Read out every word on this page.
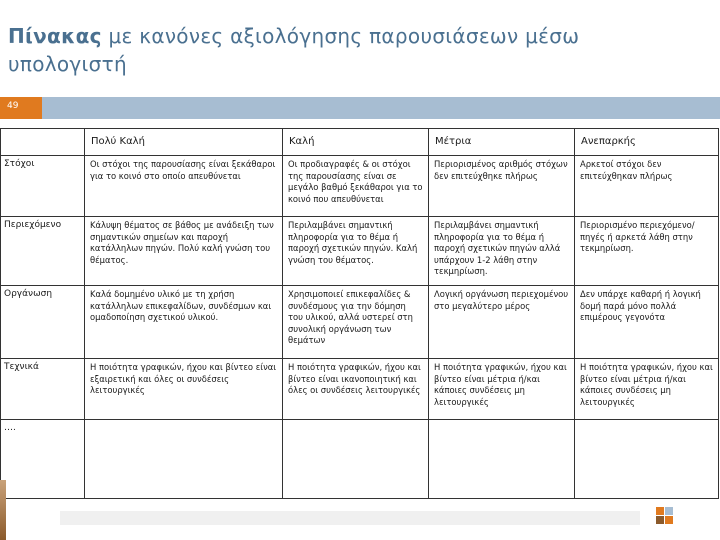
Πίνακας με κανόνες αξιολόγησης παρουσιάσεων μέσω υπολογιστή
49
	Πολύ Καλή	Καλή	Μέτρια	Ανεπαρκής
Στόχοι	Οι στόχοι της παρουσίασης είναι ξεκάθαροι για το κοινό στο οποίο απευθύνεται	Οι προδιαγραφές & οι στόχοι της παρουσίασης είναι σε μεγάλο βαθμό ξεκάθαροι για το κοινό που απευθύνεται	Περιορισμένος αριθμός στόχων δεν επιτεύχθηκε πλήρως	Αρκετοί στόχοι δεν επιτεύχθηκαν πλήρως
Περιεχόμενο	Κάλυψη θέματος σε βάθος με ανάδειξη των σημαντικών σημείων και παροχή κατάλληλων πηγών. Πολύ καλή γνώση του θέματος.	Περιλαμβάνει σημαντική πληροφορία για το θέμα ή παροχή σχετικών πηγών. Καλή γνώση του θέματος.	Περιλαμβάνει σημαντική πληροφορία για το θέμα ή παροχή σχετικών πηγών αλλά υπάρχουν 1-2 λάθη στην τεκμηρίωση.	Περιορισμένο περιεχόμενο/πηγές ή αρκετά λάθη στην τεκμηρίωση.
Οργάνωση	Καλά δομημένο υλικό με τη χρήση κατάλληλων επικεφαλίδων, συνδέσμων και ομαδοποίηση σχετικού υλικού.	Χρησιμοποιεί επικεφαλίδες & συνδέσμους για την δόμηση του υλικού, αλλά υστερεί στη συνολική οργάνωση των θεμάτων	Λογική οργάνωση περιεχομένου στο μεγαλύτερο μέρος	Δεν υπάρχε καθαρή ή λογική δομή παρά μόνο πολλά επιμέρους γεγονότα
Τεχνικά	Η ποιότητα γραφικών, ήχου και βίντεο είναι εξαιρετική και όλες οι συνδέσεις λειτουργικές	Η ποιότητα γραφικών, ήχου και βίντεο είναι ικανοποιητική και όλες οι συνδέσεις λειτουργικές	Η ποιότητα γραφικών, ήχου και βίντεο είναι μέτρια ή/και κάποιες συνδέσεις μη λειτουργικές	Η ποιότητα γραφικών, ήχου και βίντεο είναι μέτρια ή/και κάποιες συνδέσεις μη λειτουργικές
….				
